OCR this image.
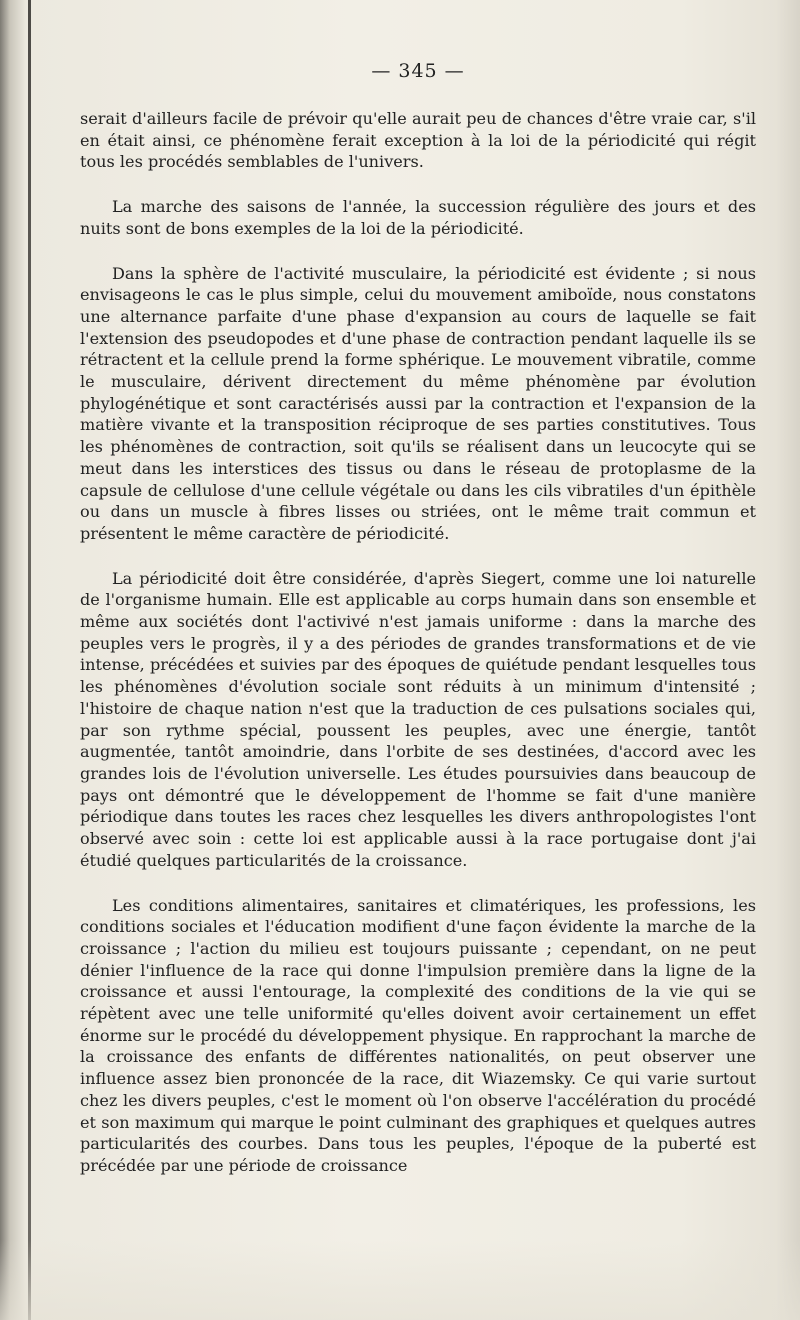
— 345 —

serait d'ailleurs facile de prévoir qu'elle aurait peu de chances d'être vraie car, s'il en était ainsi, ce phénomène ferait exception à la loi de la périodicité qui régit tous les procédés semblables de l'univers.

La marche des saisons de l'année, la succession régulière des jours et des nuits sont de bons exemples de la loi de la périodicité.

Dans la sphère de l'activité musculaire, la périodicité est évidente ; si nous envisageons le cas le plus simple, celui du mouvement amiboïde, nous constatons une alternance parfaite d'une phase d'expansion au cours de laquelle se fait l'extension des pseudopodes et d'une phase de contraction pendant laquelle ils se rétractent et la cellule prend la forme sphérique. Le mouvement vibratile, comme le musculaire, dérivent directement du même phénomène par évolution phylogénétique et sont caractérisés aussi par la contraction et l'expansion de la matière vivante et la transposition réciproque de ses parties constitutives. Tous les phénomènes de contraction, soit qu'ils se réalisent dans un leucocyte qui se meut dans les interstices des tissus ou dans le réseau de protoplasme de la capsule de cellulose d'une cellule végétale ou dans les cils vibratiles d'un épithèle ou dans un muscle à fibres lisses ou striées, ont le même trait commun et présentent le même caractère de périodicité.

La périodicité doit être considérée, d'après Siegert, comme une loi naturelle de l'organisme humain. Elle est applicable au corps humain dans son ensemble et même aux sociétés dont l'activivé n'est jamais uniforme : dans la marche des peuples vers le progrès, il y a des périodes de grandes transformations et de vie intense, précédées et suivies par des époques de quiétude pendant lesquelles tous les phénomènes d'évolution sociale sont réduits à un minimum d'intensité ; l'histoire de chaque nation n'est que la traduction de ces pulsations sociales qui, par son rythme spécial, poussent les peuples, avec une énergie, tantôt augmentée, tantôt amoindrie, dans l'orbite de ses destinées, d'accord avec les grandes lois de l'évolution universelle. Les études poursuivies dans beaucoup de pays ont démontré que le développement de l'homme se fait d'une manière périodique dans toutes les races chez lesquelles les divers anthropologistes l'ont observé avec soin : cette loi est applicable aussi à la race portugaise dont j'ai étudié quelques particularités de la croissance.

Les conditions alimentaires, sanitaires et climatériques, les professions, les conditions sociales et l'éducation modifient d'une façon évidente la marche de la croissance ; l'action du milieu est toujours puissante ; cependant, on ne peut dénier l'influence de la race qui donne l'impulsion première dans la ligne de la croissance et aussi l'entourage, la complexité des conditions de la vie qui se répètent avec une telle uniformité qu'elles doivent avoir certainement un effet énorme sur le procédé du développement physique. En rapprochant la marche de la croissance des enfants de différentes nationalités, on peut observer une influence assez bien prononcée de la race, dit Wiazemsky. Ce qui varie surtout chez les divers peuples, c'est le moment où l'on observe l'accélération du procédé et son maximum qui marque le point culminant des graphiques et quelques autres particularités des courbes. Dans tous les peuples, l'époque de la puberté est précédée par une période de croissance
